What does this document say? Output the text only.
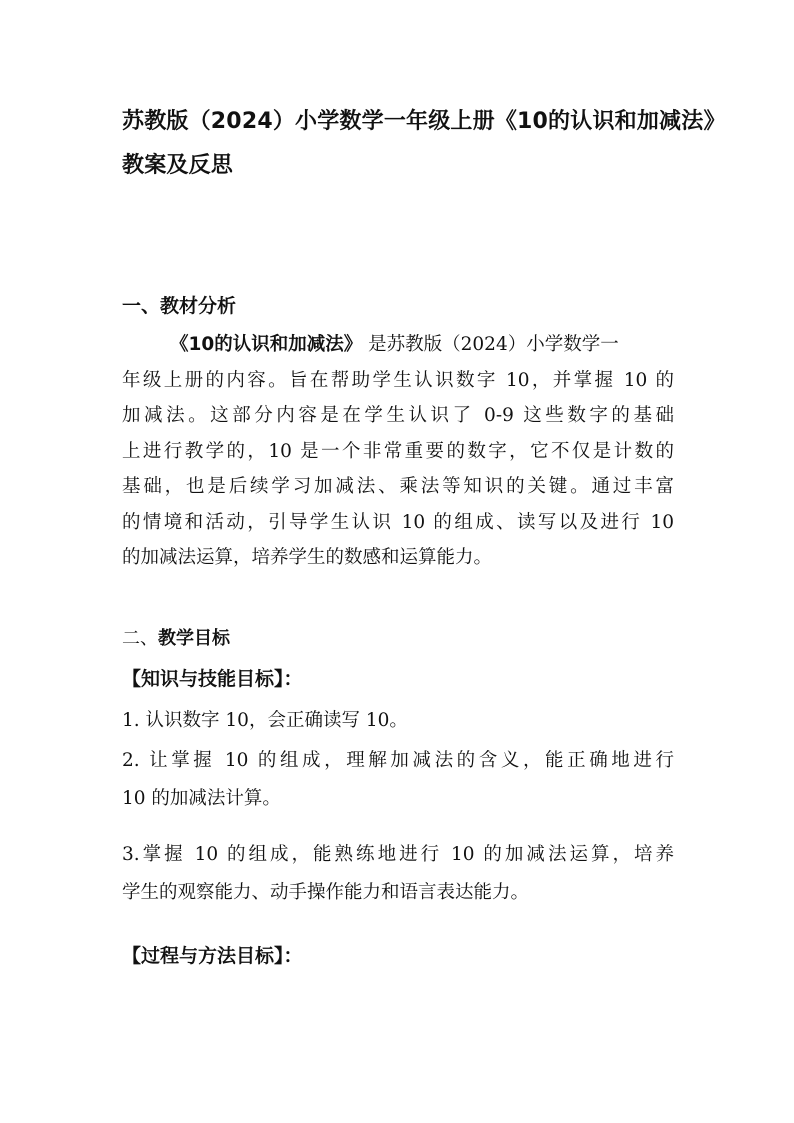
苏教版（2024）小学数学一年级上册《10的认识和加减法》
教案及反思
一、教材分析
《10的认识和加减法》 是苏教版（2024）小学数学一
年级上册的内容。旨在帮助学生认识数字 10，并掌握 10 的
加减法。这部分内容是在学生认识了 0-9 这些数字的基础
上进行教学的，10 是一个非常重要的数字，它不仅是计数的
基础，也是后续学习加减法、乘法等知识的关键。通过丰富
的情境和活动，引导学生认识 10 的组成、读写以及进行 10
的加减法运算，培养学生的数感和运算能力。
二、教学目标
【知识与技能目标】：
1. 认识数字 10，会正确读写 10。
2. 让掌握 10 的组成，理解加减法的含义，能正确地进行
10 的加减法计算。
3.掌握 10 的组成，能熟练地进行 10 的加减法运算，培养
学生的观察能力、动手操作能力和语言表达能力。
【过程与方法目标】：
